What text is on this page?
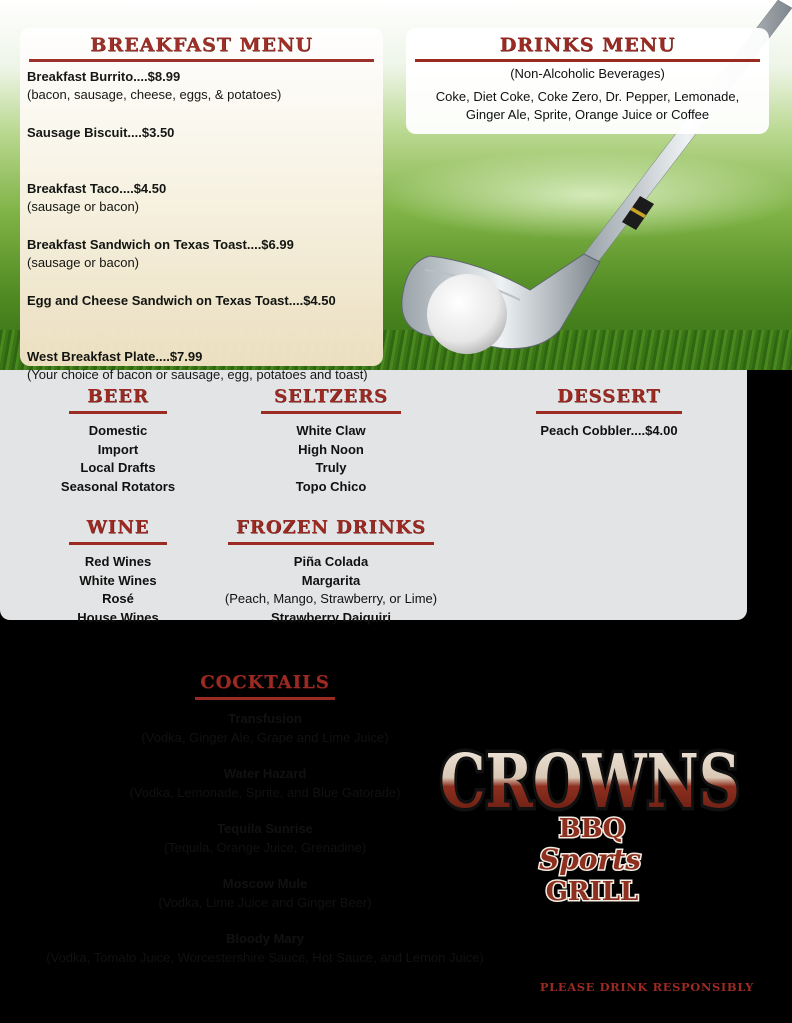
BREAKFAST MENU
Breakfast Burrito....$8.99
(bacon, sausage, cheese, eggs, & potatoes)
Sausage Biscuit....$3.50

Breakfast Taco....$4.50
(sausage or bacon)
Breakfast Sandwich on Texas Toast....$6.99
(sausage or bacon)
Egg and Cheese Sandwich on Texas Toast....$4.50

West Breakfast Plate....$7.99
(Your choice of bacon or sausage, egg, potatoes and toast)
DRINKS MENU
(Non-Alcoholic Beverages)
Coke, Diet Coke, Coke Zero, Dr. Pepper, Lemonade,
Ginger Ale, Sprite, Orange Juice or Coffee
BEER
Domestic
Import
Local Drafts
Seasonal Rotators
SELTZERS
White Claw
High Noon
Truly
Topo Chico
DESSERT
Peach Cobbler....$4.00
WINE
Red Wines
White Wines
Rosé
House Wines
FROZEN DRINKS
Piña Colada
Margarita
(Peach, Mango, Strawberry, or Lime)
Strawberry Daiquiri
COCKTAILS
Transfusion
(Vodka, Ginger Ale, Grape and Lime Juice)
Water Hazard
(Vodka, Lemonade, Sprite, and Blue Gatorade)
Tequila Sunrise
(Tequila, Orange Juice, Grenadine)
Moscow Mule
(Vodka, Lime Juice and Ginger Beer)
Bloody Mary
(Vodka, Tomato Juice, Worcestershire Sauce, Hot Sauce, and Lemon Juice)
CROWNS
BBQ
Sports
GRILL
PLEASE DRINK RESPONSIBLY
